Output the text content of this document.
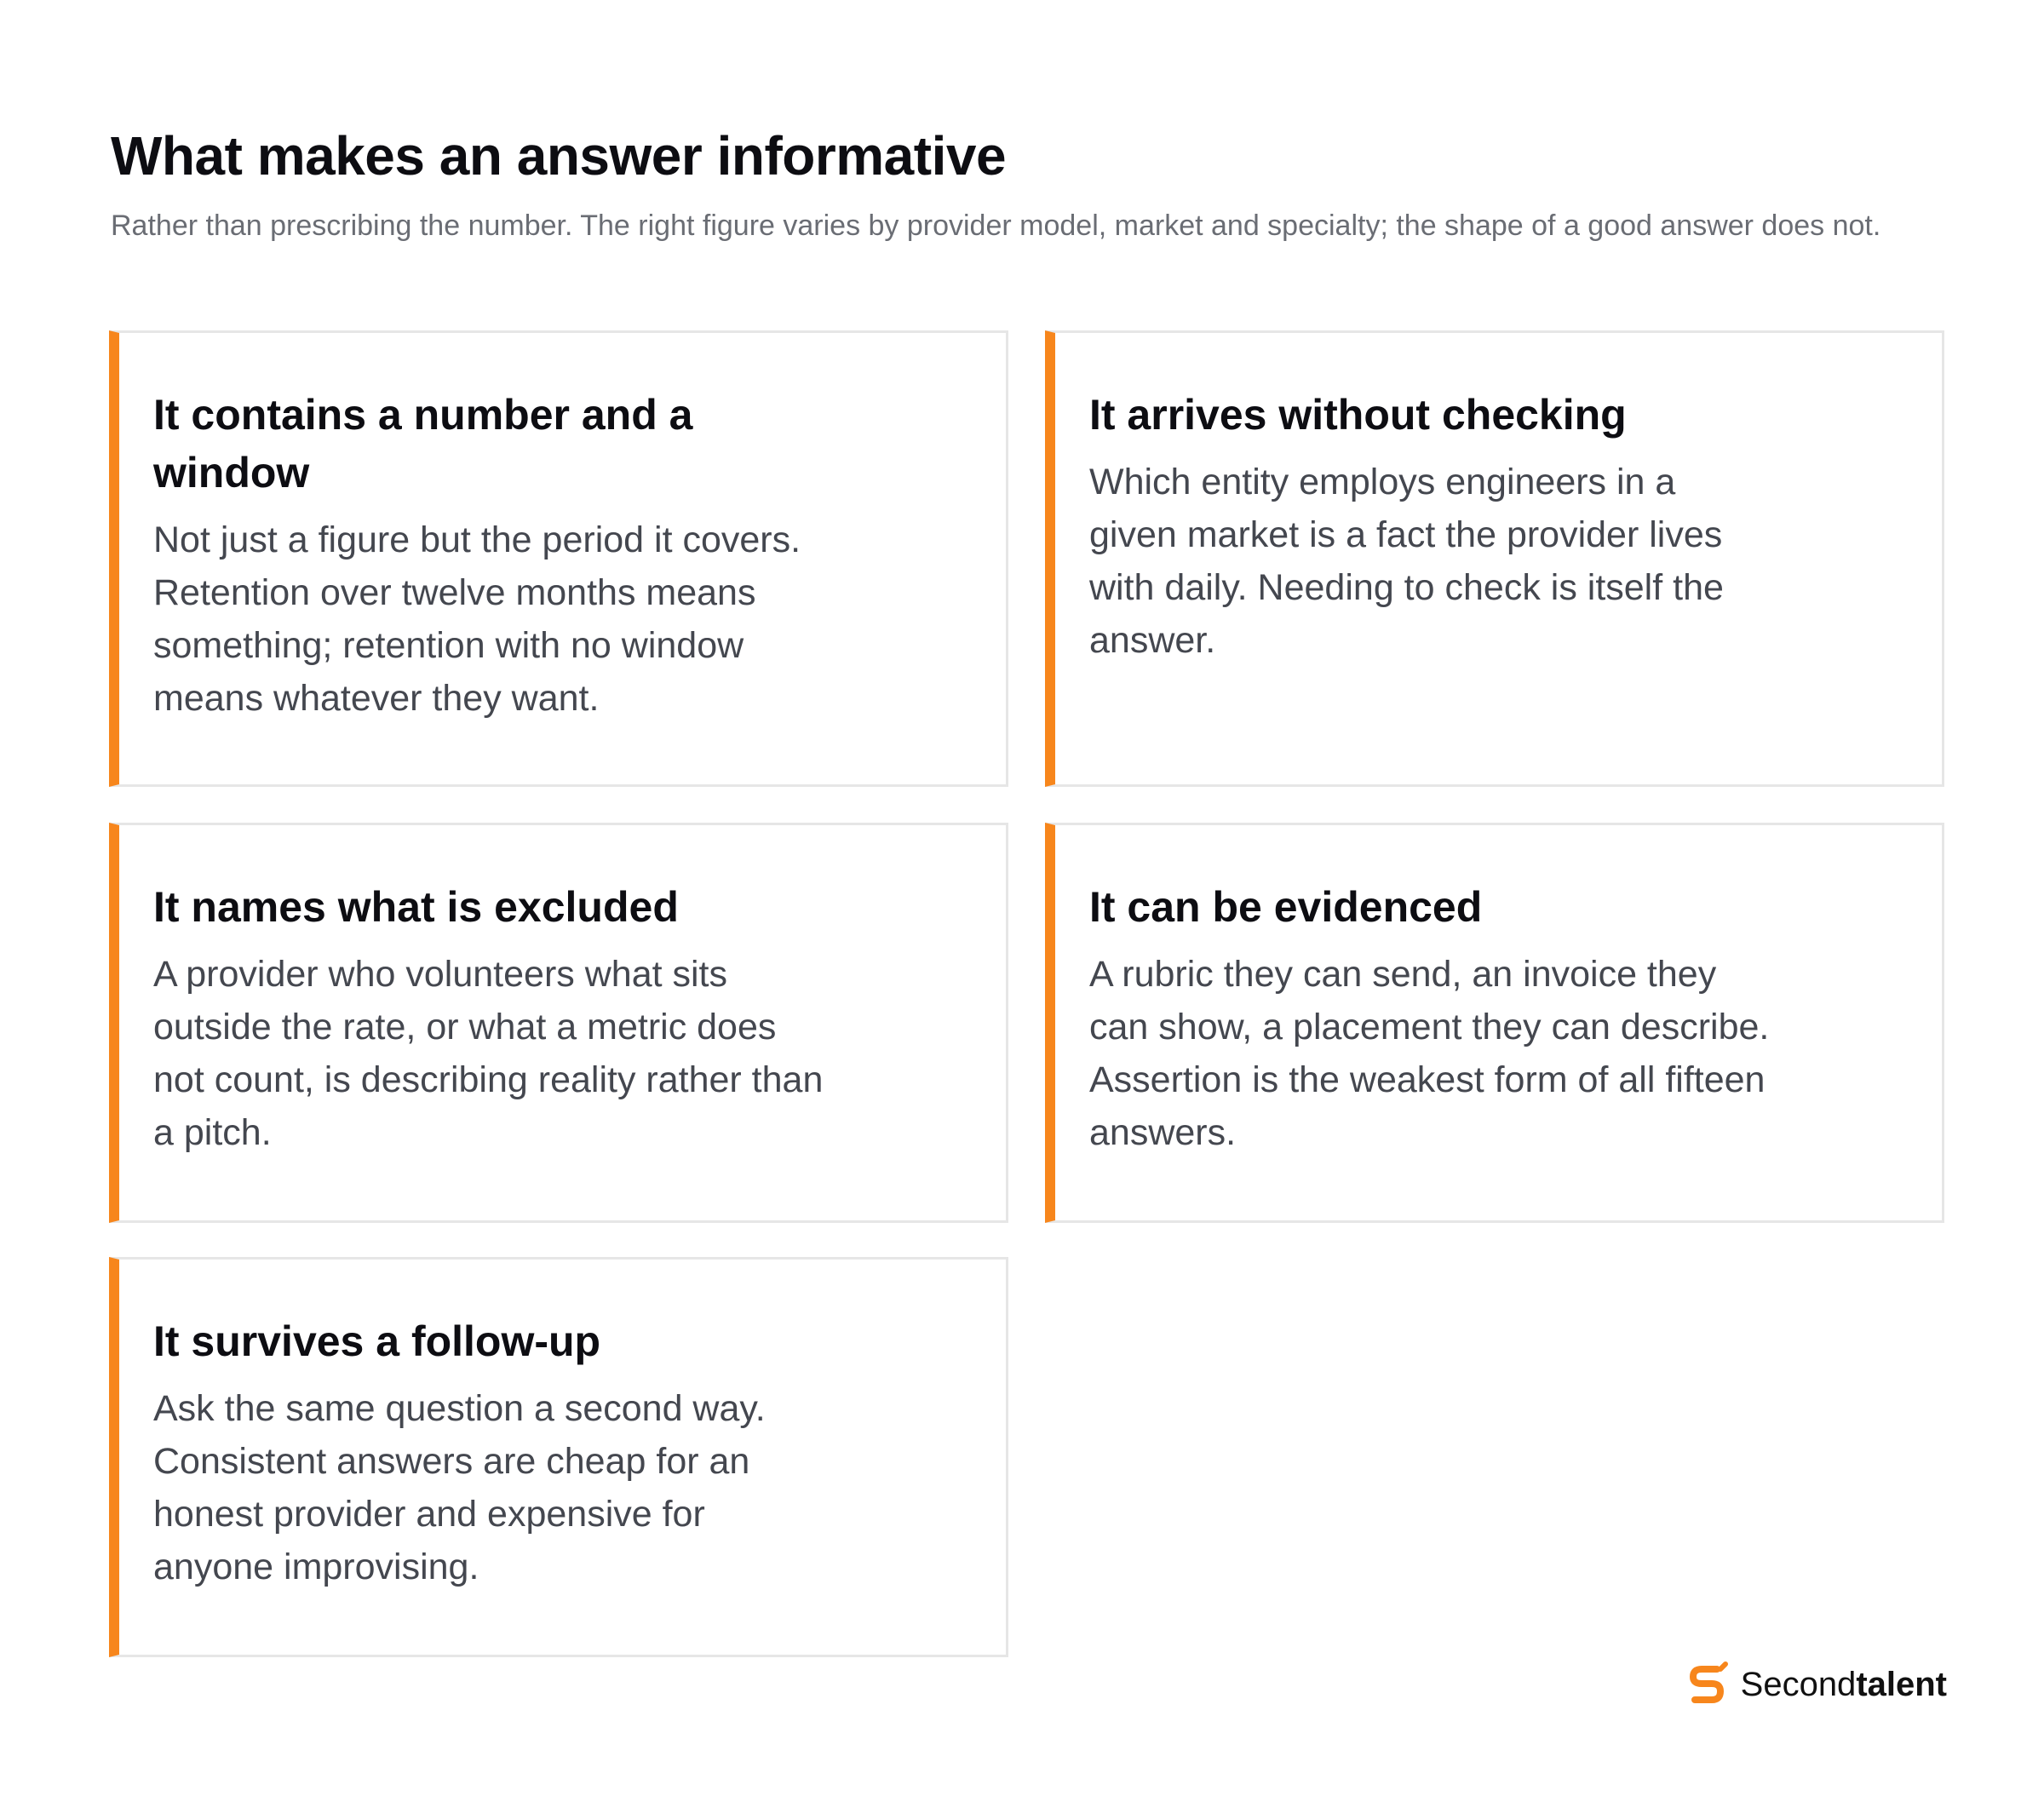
What makes an answer informative

Rather than prescribing the number. The right figure varies by provider model, market and specialty; the shape of a good answer does not.

It contains a number and a window

Not just a figure but the period it covers. Retention over twelve months means something; retention with no window means whatever they want.

It arrives without checking

Which entity employs engineers in a given market is a fact the provider lives with daily. Needing to check is itself the answer.

It names what is excluded

A provider who volunteers what sits outside the rate, or what a metric does not count, is describing reality rather than a pitch.

It can be evidenced

A rubric they can send, an invoice they can show, a placement they can describe. Assertion is the weakest form of all fifteen answers.

It survives a follow-up

Ask the same question a second way. Consistent answers are cheap for an honest provider and expensive for anyone improvising.

Secondtalent
